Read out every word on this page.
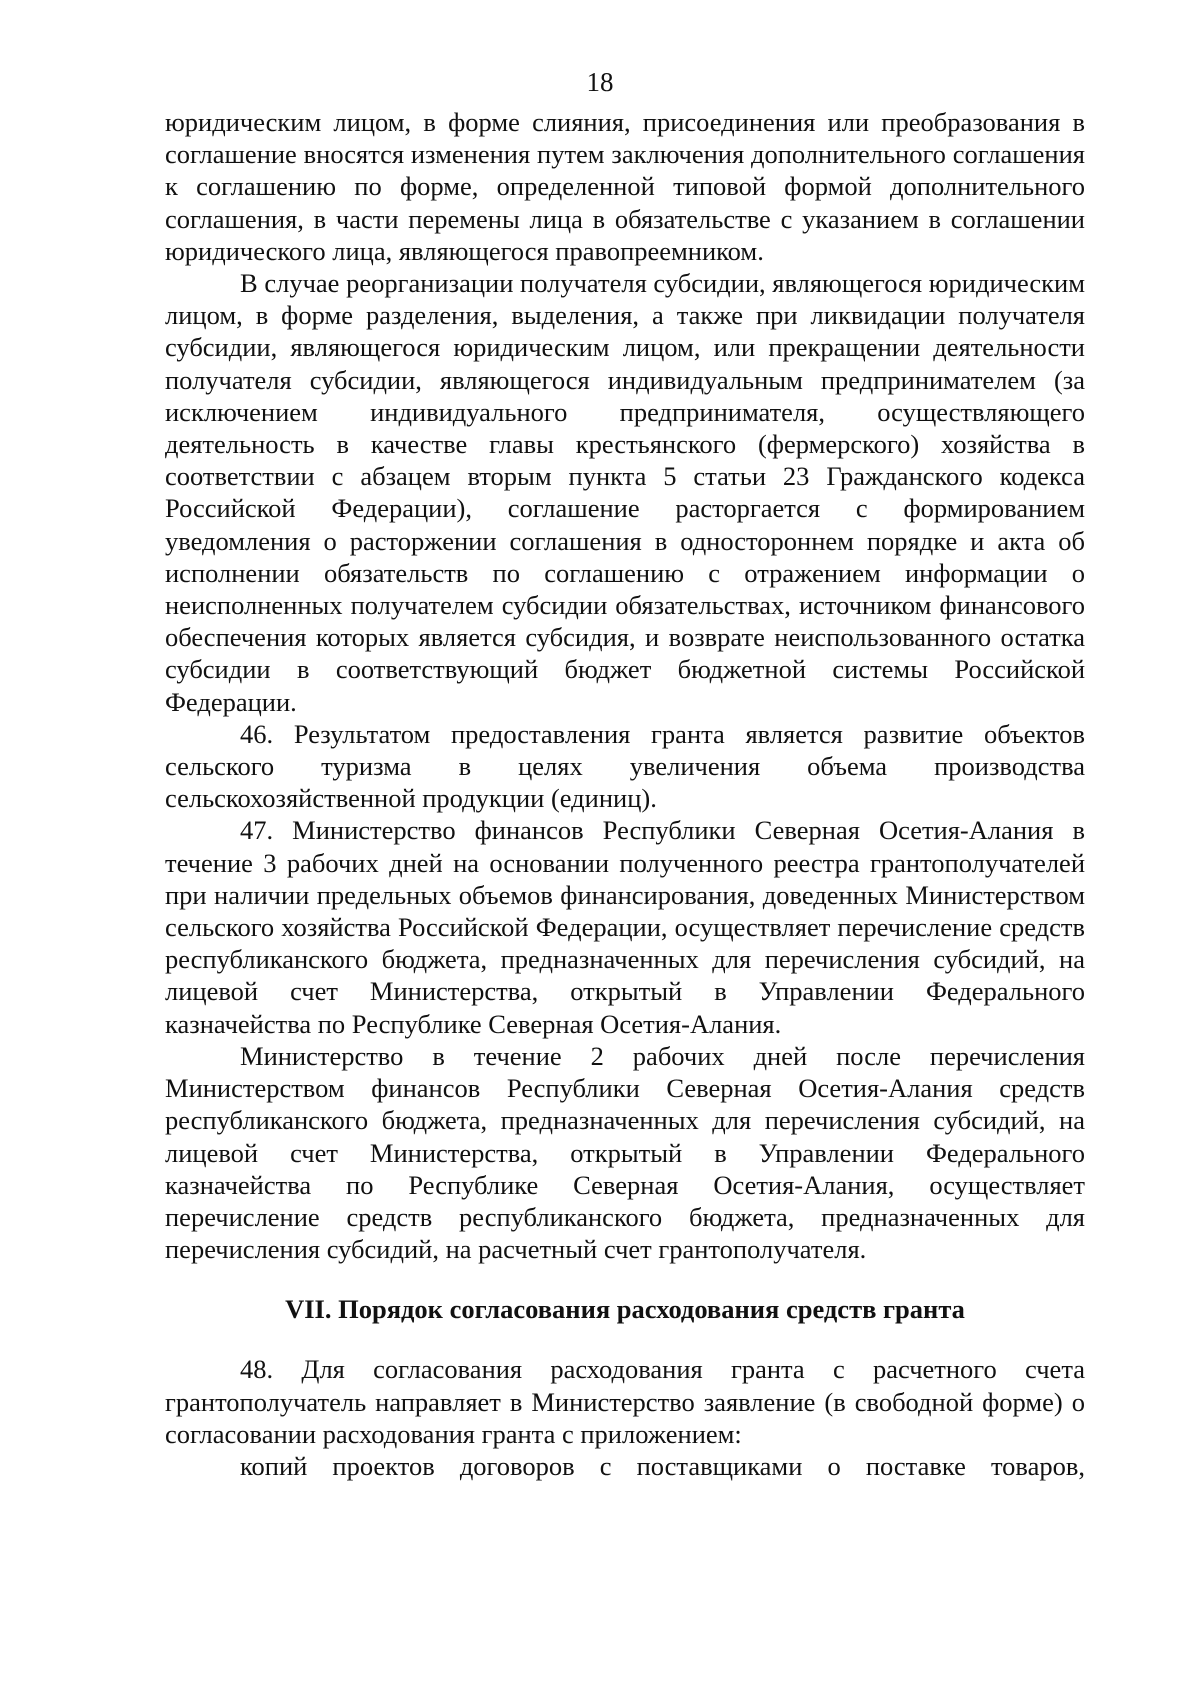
18

юридическим лицом, в форме слияния, присоединения или преобразования в соглашение вносятся изменения путем заключения дополнительного соглашения к соглашению по форме, определенной типовой формой дополнительного соглашения, в части перемены лица в обязательстве с указанием в соглашении юридического лица, являющегося правопреемником.

В случае реорганизации получателя субсидии, являющегося юридическим лицом, в форме разделения, выделения, а также при ликвидации получателя субсидии, являющегося юридическим лицом, или прекращении деятельности получателя субсидии, являющегося индивидуальным предпринимателем (за исключением индивидуального предпринимателя, осуществляющего деятельность в качестве главы крестьянского (фермерского) хозяйства в соответствии с абзацем вторым пункта 5 статьи 23 Гражданского кодекса Российской Федерации), соглашение расторгается с формированием уведомления о расторжении соглашения в одностороннем порядке и акта об исполнении обязательств по соглашению с отражением информации о неисполненных получателем субсидии обязательствах, источником финансового обеспечения которых является субсидия, и возврате неиспользованного остатка субсидии в соответствующий бюджет бюджетной системы Российской Федерации.

46. Результатом предоставления гранта является развитие объектов сельского туризма в целях увеличения объема производства сельскохозяйственной продукции (единиц).

47. Министерство финансов Республики Северная Осетия-Алания в течение 3 рабочих дней на основании полученного реестра грантополучателей при наличии предельных объемов финансирования, доведенных Министерством сельского хозяйства Российской Федерации, осуществляет перечисление средств республиканского бюджета, предназначенных для перечисления субсидий, на лицевой счет Министерства, открытый в Управлении Федерального казначейства по Республике Северная Осетия-Алания.

Министерство в течение 2 рабочих дней после перечисления Министерством финансов Республики Северная Осетия-Алания средств республиканского бюджета, предназначенных для перечисления субсидий, на лицевой счет Министерства, открытый в Управлении Федерального казначейства по Республике Северная Осетия-Алания, осуществляет перечисление средств республиканского бюджета, предназначенных для перечисления субсидий, на расчетный счет грантополучателя.

VII. Порядок согласования расходования средств гранта

48. Для согласования расходования гранта с расчетного счета грантополучатель направляет в Министерство заявление (в свободной форме) о согласовании расходования гранта с приложением:

копий проектов договоров с поставщиками о поставке товаров,
